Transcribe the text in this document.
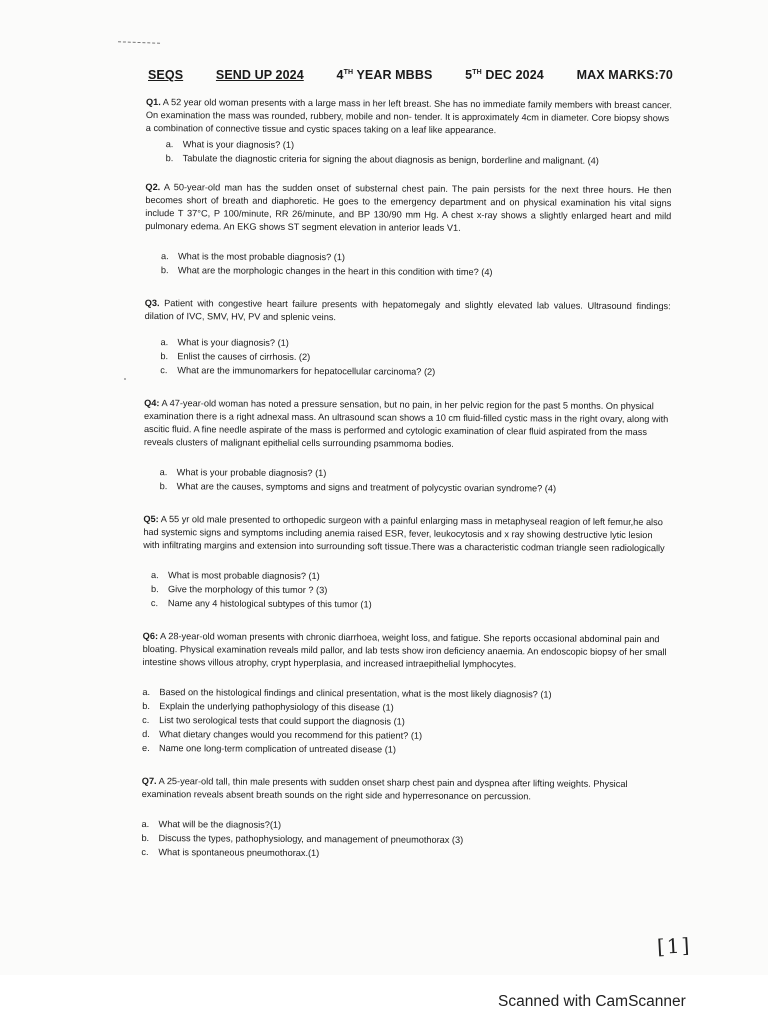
SEQS	SEND UP 2024	4TH YEAR MBBS	5TH DEC 2024	MAX MARKS:70

Q1. A 52 year old woman presents with a large mass in her left breast. She has no immediate family members with breast cancer. On examination the mass was rounded, rubbery, mobile and non- tender. It is approximately 4cm in diameter. Core biopsy shows a combination of connective tissue and cystic spaces taking on a leaf like appearance.

a.	What is your diagnosis? (1)
b.	Tabulate the diagnostic criteria for signing the about diagnosis as benign, borderline and malignant. (4)

Q2. A 50-year-old man has the sudden onset of substernal chest pain. The pain persists for the next three hours. He then becomes short of breath and diaphoretic. He goes to the emergency department and on physical examination his vital signs include T 37°C, P 100/minute, RR 26/minute, and BP 130/90 mm Hg. A chest x-ray shows a slightly enlarged heart and mild pulmonary edema. An EKG shows ST segment elevation in anterior leads V1.

a.	What is the most probable diagnosis? (1)
b.	What are the morphologic changes in the heart in this condition with time? (4)

Q3. Patient with congestive heart failure presents with hepatomegaly and slightly elevated lab values. Ultrasound findings: dilation of IVC, SMV, HV, PV and splenic veins.

a.	What is your diagnosis? (1)
b.	Enlist the causes of cirrhosis. (2)
c.	What are the immunomarkers for hepatocellular carcinoma? (2)

Q4: A 47-year-old woman has noted a pressure sensation, but no pain, in her pelvic region for the past 5 months. On physical examination there is a right adnexal mass. An ultrasound scan shows a 10 cm fluid-filled cystic mass in the right ovary, along with ascitic fluid. A fine needle aspirate of the mass is performed and cytologic examination of clear fluid aspirated from the mass reveals clusters of malignant epithelial cells surrounding psammoma bodies.

a.	What is your probable diagnosis? (1)
b.	What are the causes, symptoms and signs and treatment of polycystic ovarian syndrome? (4)

Q5: A 55 yr old male presented to orthopedic surgeon with a painful enlarging mass in metaphyseal reagion of left femur,he also had systemic signs and symptoms including anemia raised ESR, fever, leukocytosis and x ray showing destructive lytic lesion with infiltrating margins and extension into surrounding soft tissue.There was a characteristic codman triangle seen radiologically

a.	What is most probable diagnosis? (1)
b.	Give the morphology of this tumor ? (3)
c.	Name any 4 histological subtypes of this tumor (1)

Q6: A 28-year-old woman presents with chronic diarrhoea, weight loss, and fatigue. She reports occasional abdominal pain and bloating. Physical examination reveals mild pallor, and lab tests show iron deficiency anaemia. An endoscopic biopsy of her small intestine shows villous atrophy, crypt hyperplasia, and increased intraepithelial lymphocytes.

a.	Based on the histological findings and clinical presentation, what is the most likely diagnosis? (1)
b.	Explain the underlying pathophysiology of this disease (1)
c.	List two serological tests that could support the diagnosis (1)
d.	What dietary changes would you recommend for this patient? (1)
e.	Name one long-term complication of untreated disease (1)

Q7. A 25-year-old tall, thin male presents with sudden onset sharp chest pain and dyspnea after lifting weights. Physical examination reveals absent breath sounds on the right side and hyperresonance on percussion.

a.	What will be the diagnosis?(1)
b.	Discuss the types, pathophysiology, and management of pneumothorax (3)
c.	What is spontaneous pneumothorax.(1)
[1]
Scanned with CamScanner
